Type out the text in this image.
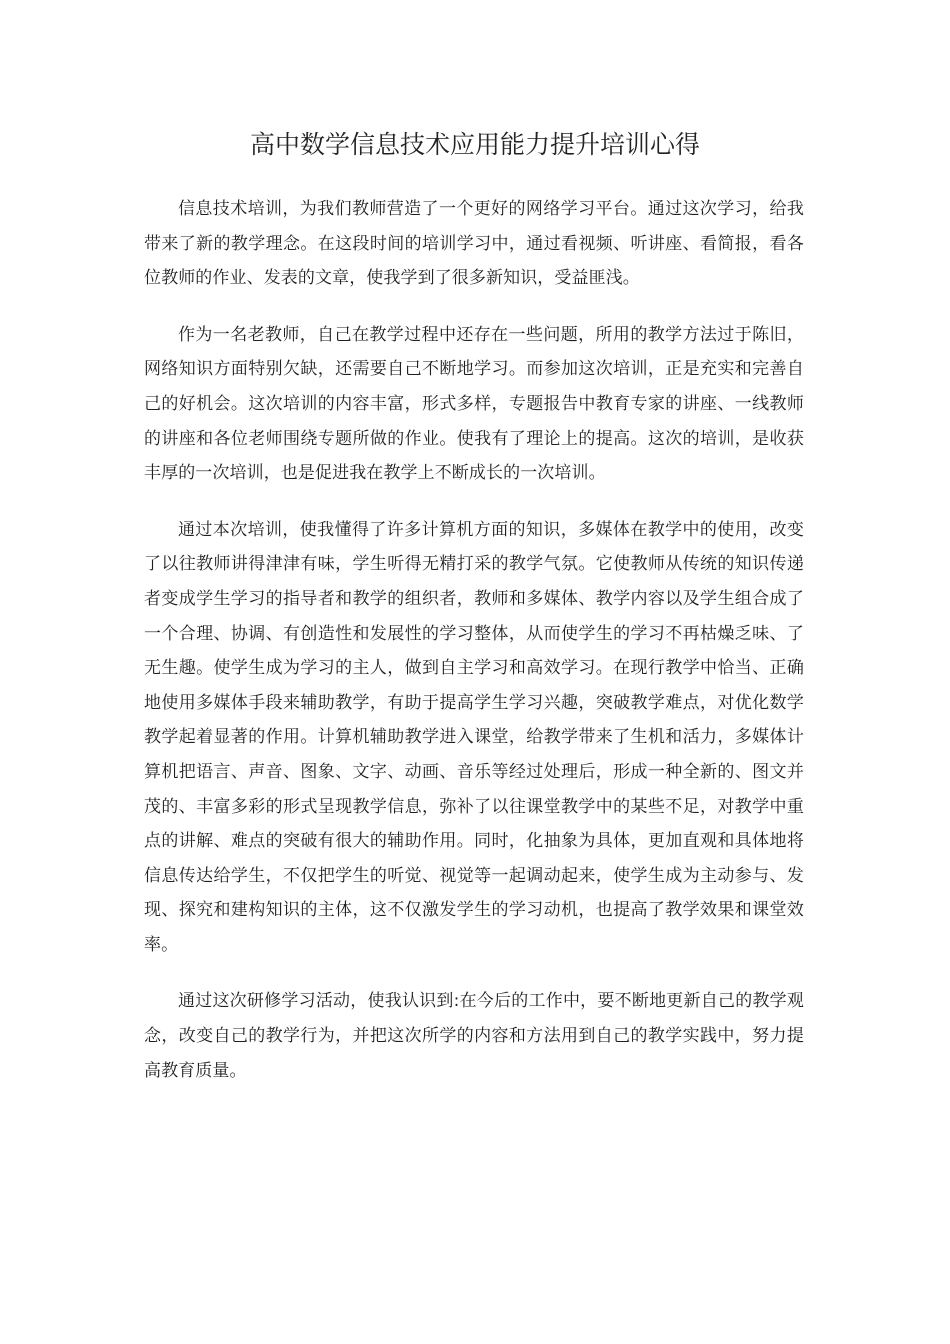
高中数学信息技术应用能力提升培训心得

信息技术培训，为我们教师营造了一个更好的网络学习平台。通过这次学习，给我带来了新的教学理念。在这段时间的培训学习中，通过看视频、听讲座、看简报，看各位教师的作业、发表的文章，使我学到了很多新知识，受益匪浅。

作为一名老教师，自己在教学过程中还存在一些问题，所用的教学方法过于陈旧，网络知识方面特别欠缺，还需要自己不断地学习。而参加这次培训，正是充实和完善自己的好机会。这次培训的内容丰富，形式多样，专题报告中教育专家的讲座、一线教师的讲座和各位老师围绕专题所做的作业。使我有了理论上的提高。这次的培训，是收获丰厚的一次培训，也是促进我在教学上不断成长的一次培训。

通过本次培训，使我懂得了许多计算机方面的知识，多媒体在教学中的使用，改变了以往教师讲得津津有味，学生听得无精打采的教学气氛。它使教师从传统的知识传递者变成学生学习的指导者和教学的组织者，教师和多媒体、教学内容以及学生组合成了一个合理、协调、有创造性和发展性的学习整体，从而使学生的学习不再枯燥乏味、了无生趣。使学生成为学习的主人，做到自主学习和高效学习。在现行教学中恰当、正确地使用多媒体手段来辅助教学，有助于提高学生学习兴趣，突破教学难点，对优化数学教学起着显著的作用。计算机辅助教学进入课堂，给教学带来了生机和活力，多媒体计算机把语言、声音、图象、文字、动画、音乐等经过处理后，形成一种全新的、图文并茂的、丰富多彩的形式呈现教学信息，弥补了以往课堂教学中的某些不足，对教学中重点的讲解、难点的突破有很大的辅助作用。同时，化抽象为具体，更加直观和具体地将信息传达给学生，不仅把学生的听觉、视觉等一起调动起来，使学生成为主动参与、发现、探究和建构知识的主体，这不仅激发学生的学习动机，也提高了教学效果和课堂效率。

通过这次研修学习活动，使我认识到:在今后的工作中，要不断地更新自己的教学观念，改变自己的教学行为，并把这次所学的内容和方法用到自己的教学实践中，努力提高教育质量。
